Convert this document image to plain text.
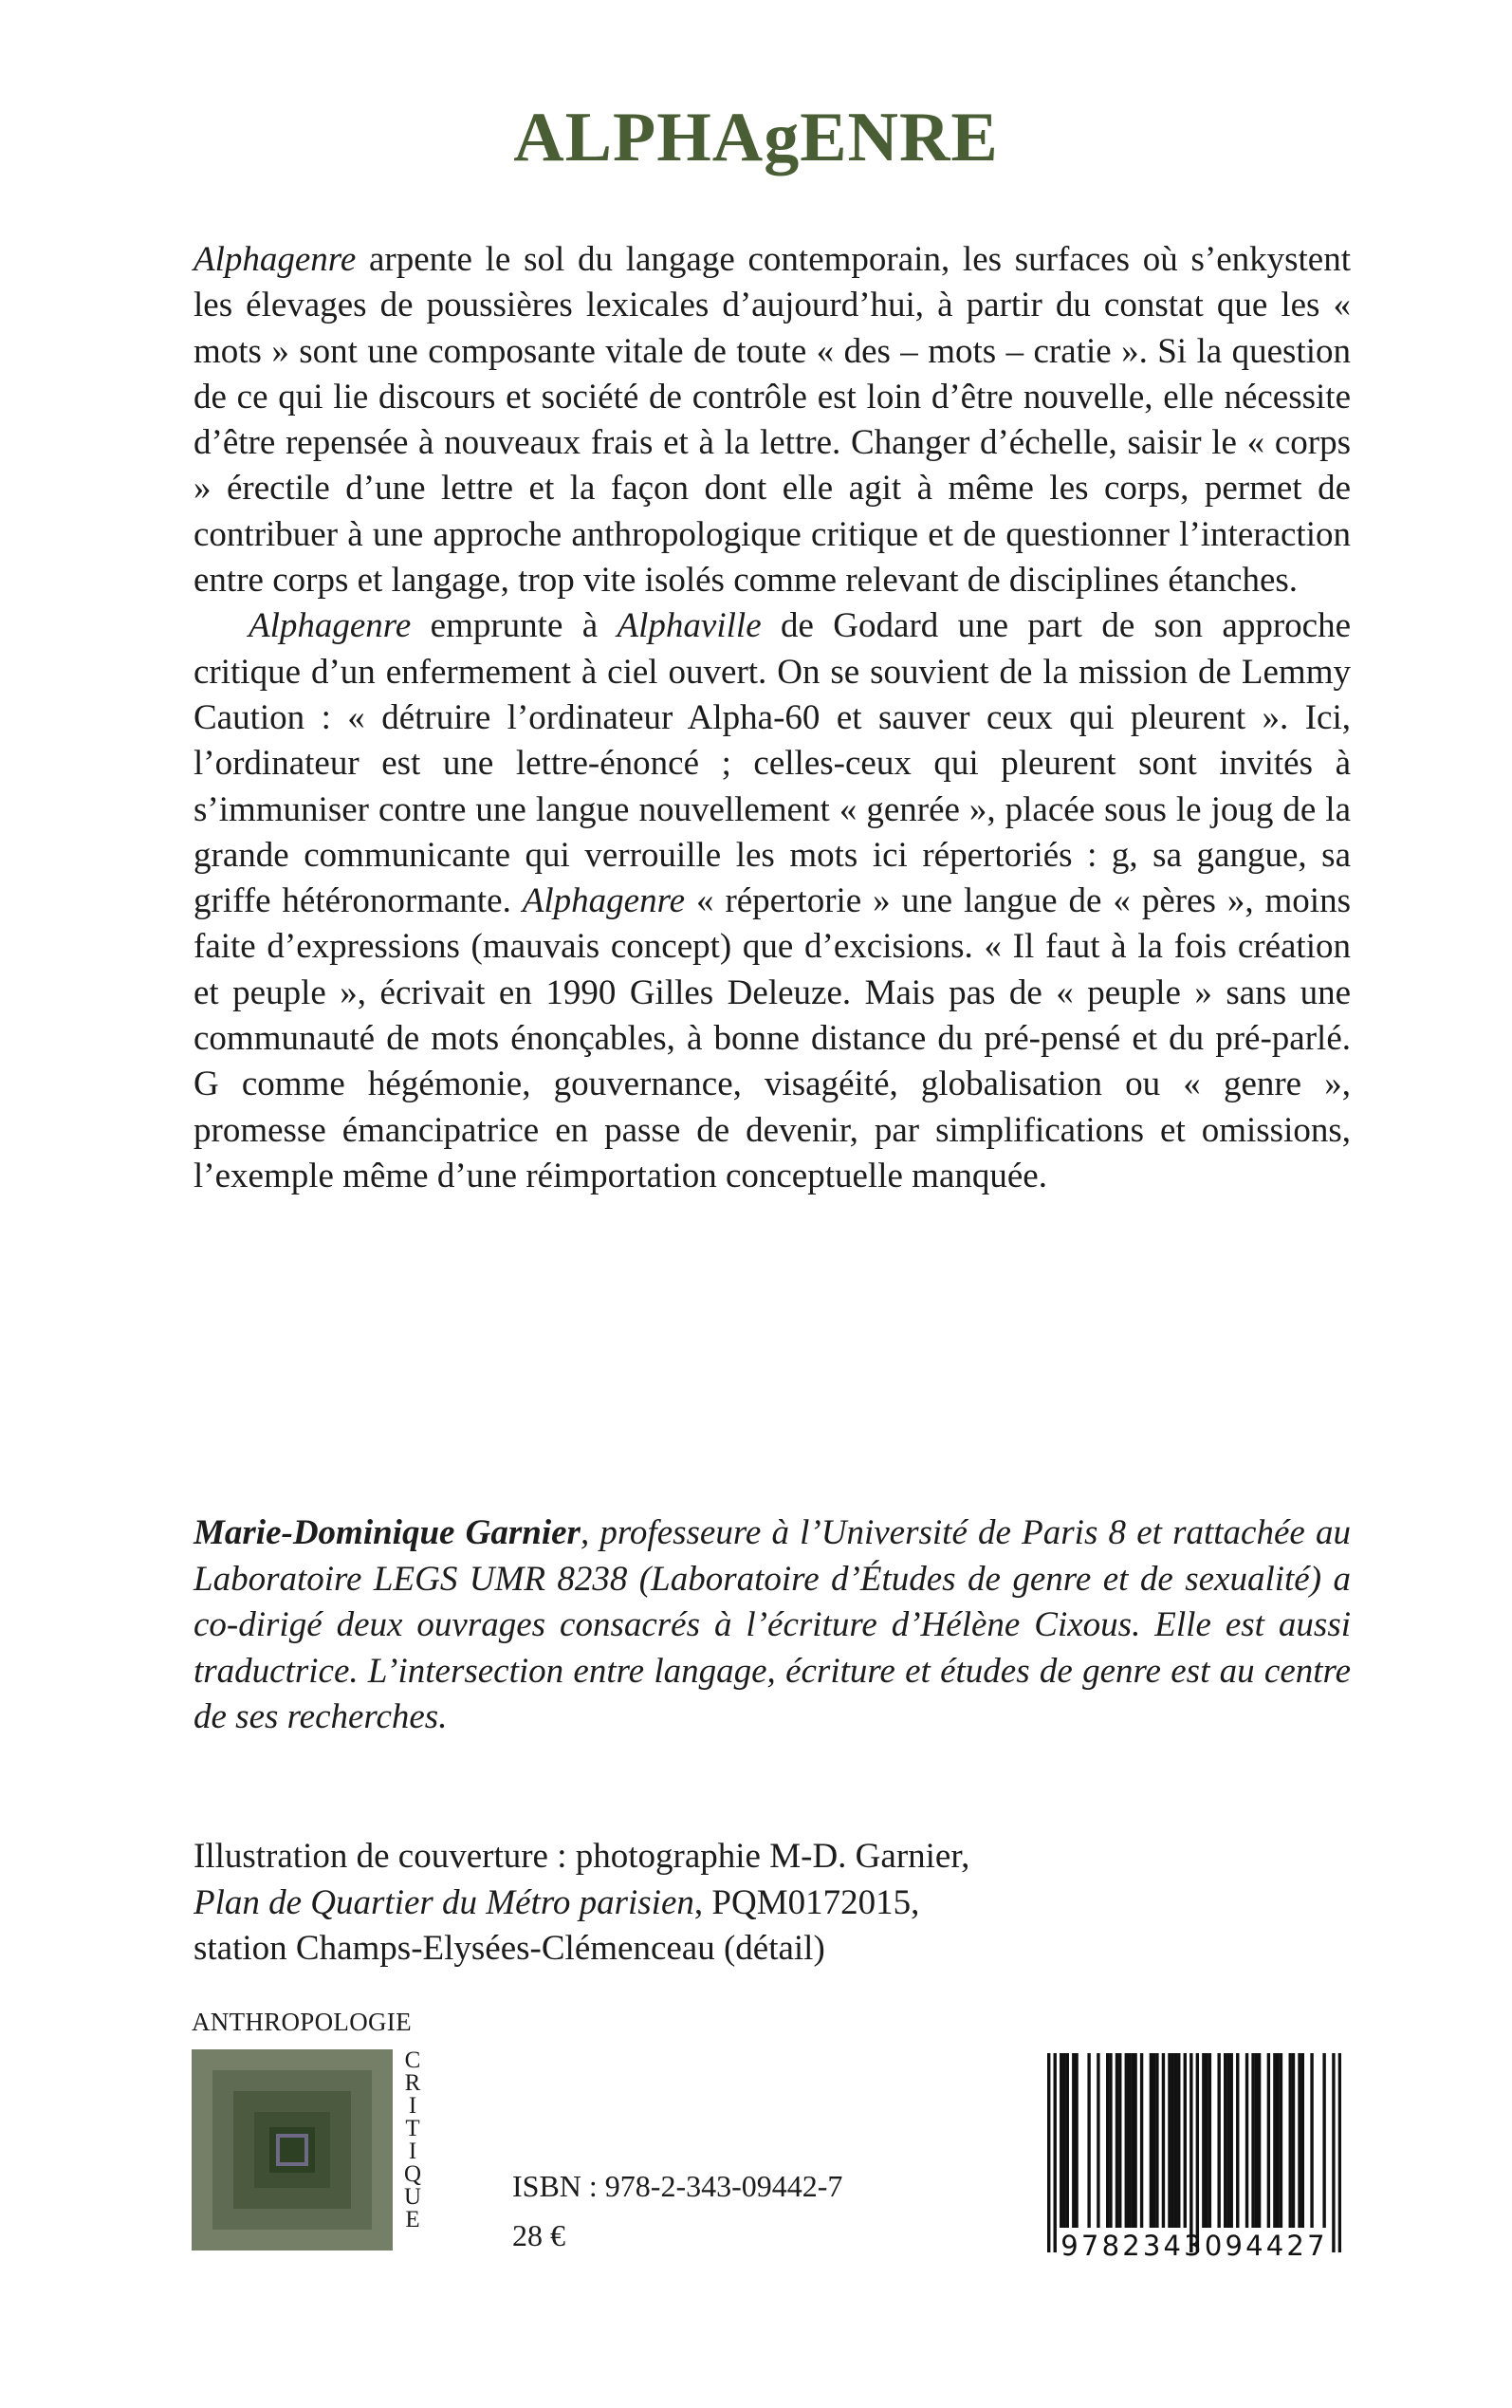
ALPHAgENRE

Alphagenre arpente le sol du langage contemporain, les surfaces où s’enkystent les élevages de poussières lexicales d’aujourd’hui, à partir du constat que les « mots » sont une composante vitale de toute « des – mots – cratie ». Si la question de ce qui lie discours et société de contrôle est loin d’être nouvelle, elle nécessite d’être repensée à nouveaux frais et à la lettre. Changer d’échelle, saisir le « corps » érectile d’une lettre et la façon dont elle agit à même les corps, permet de contribuer à une approche anthropologique critique et de questionner l’interaction entre corps et langage, trop vite isolés comme relevant de disciplines étanches.

Alphagenre emprunte à Alphaville de Godard une part de son approche critique d’un enfermement à ciel ouvert. On se souvient de la mission de Lemmy Caution : « détruire l’ordinateur Alpha-60 et sauver ceux qui pleurent ». Ici, l’ordinateur est une lettre-énoncé ; celles-ceux qui pleurent sont invités à s’immuniser contre une langue nouvellement « genrée », placée sous le joug de la grande communicante qui verrouille les mots ici répertoriés : g, sa gangue, sa griffe hétéronormante. Alphagenre « répertorie » une langue de « pères », moins faite d’expressions (mauvais concept) que d’excisions. « Il faut à la fois création et peuple », écrivait en 1990 Gilles Deleuze. Mais pas de « peuple » sans une communauté de mots énonçables, à bonne distance du pré-pensé et du pré-parlé. G comme hégémonie, gouvernance, visagéité, globalisation ou « genre », promesse émancipatrice en passe de devenir, par simplifications et omissions, l’exemple même d’une réimportation conceptuelle manquée.

Marie-Dominique Garnier, professeure à l’Université de Paris 8 et rattachée au Laboratoire LEGS UMR 8238 (Laboratoire d’Études de genre et de sexualité) a co-dirigé deux ouvrages consacrés à l’écriture d’Hélène Cixous. Elle est aussi traductrice. L’intersection entre langage, écriture et études de genre est au centre de ses recherches.
Illustration de couverture : photographie M-D. Garnier,
Plan de Quartier du Métro parisien, PQM0172015,
station Champs-Elysées-Clémenceau (détail)
ANTHROPOLOGIE
C
R
I
T
I
Q
U
E
ISBN : 978-2-343-09442-7
28 €	9782343094427
